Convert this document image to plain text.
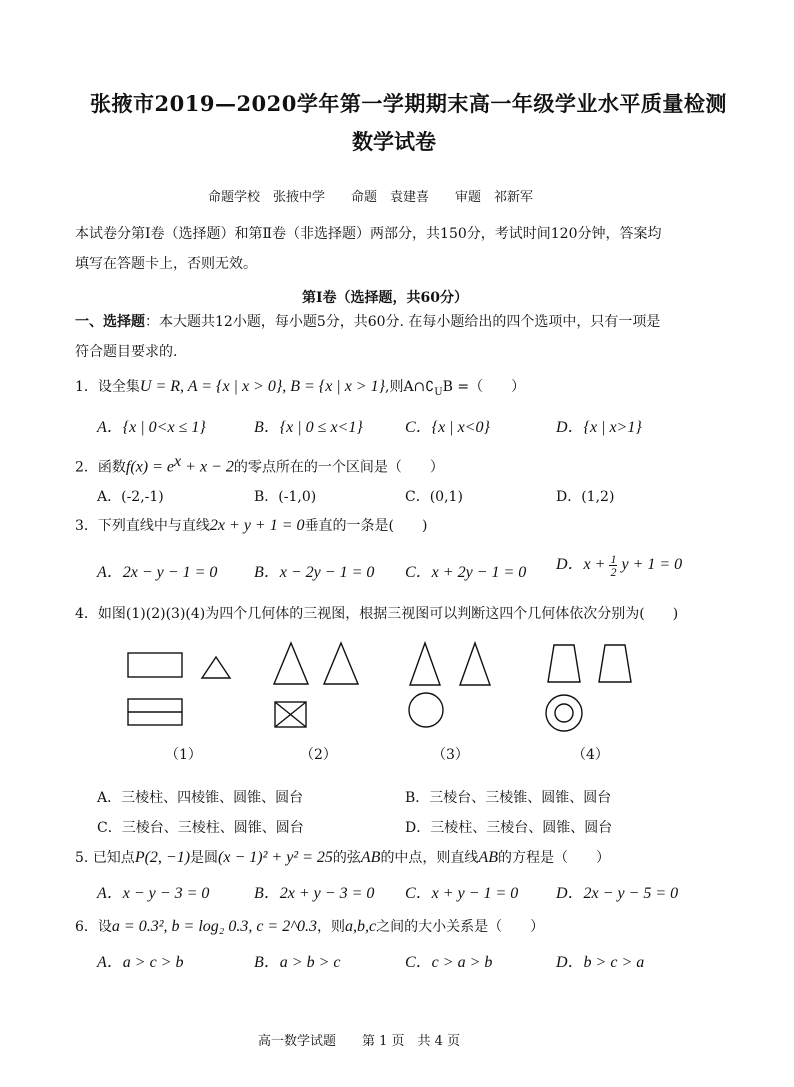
张掖市2019—2020学年第一学期期末高一年级学业水平质量检测
数学试卷
命题学校　张掖中学　　命题　袁建喜　　审题　祁新军
本试卷分第Ⅰ卷（选择题）和第Ⅱ卷（非选择题）两部分，共150分，考试时间120分钟，答案均
填写在答题卡上，否则无效。
第Ⅰ卷（选择题，共60分）
一、选择题：本大题共12小题，每小题5分，共60分. 在每小题给出的四个选项中，只有一项是
符合题目要求的.
1．设全集U = R, A = {x | x > 0}, B = {x | x > 1},则$A\cap∁_UB$ =（　　）
A．{x | 0<x ≤ 1}	B．{x | 0 ≤ x<1}	C．{x | x<0}	D．{x | x>1}
2．函数$f(x) = e^x + x - 2$的零点所在的一个区间是（　　）
A．(-2,-1)	B．(-1,0)	C．(0,1)	D．(1,2)
3．下列直线中与直线2x + y + 1 = 0垂直的一条是(　　)
A．2x − y − 1 = 0 B．x − 2y − 1 = 0 C．x + 2y − 1 = 0 D．$x + \frac{1}{2}$ y + 1 = 0
4．如图(1)(2)(3)(4)为四个几何体的三视图，根据三视图可以判断这四个几何体依次分别为(　　)
（1）	（2）	（3）	（4）
A．三棱柱、四棱锥、圆锥、圆台	B．三棱台、三棱锥、圆锥、圆台
C．三棱台、三棱柱、圆锥、圆台	D．三棱柱、三棱台、圆锥、圆台
5. 已知点P(2, −1)是圆(x − 1)² + y² = 25的弦AB的中点，则直线AB的方程是（　　）
A．x − y − 3 = 0	B．2x + y − 3 = 0 C．x + y − 1 = 0 D．2x − y − 5 = 0
6．设a = 0.3², b = log₂ 0.3, c = 2^0.3，则a,b,c之间的大小关系是（　　）
A．a > c > b	B．a > b > c	C．c > a > b	D．b > c > a
高一数学试题　　第 1 页　共 4 页
